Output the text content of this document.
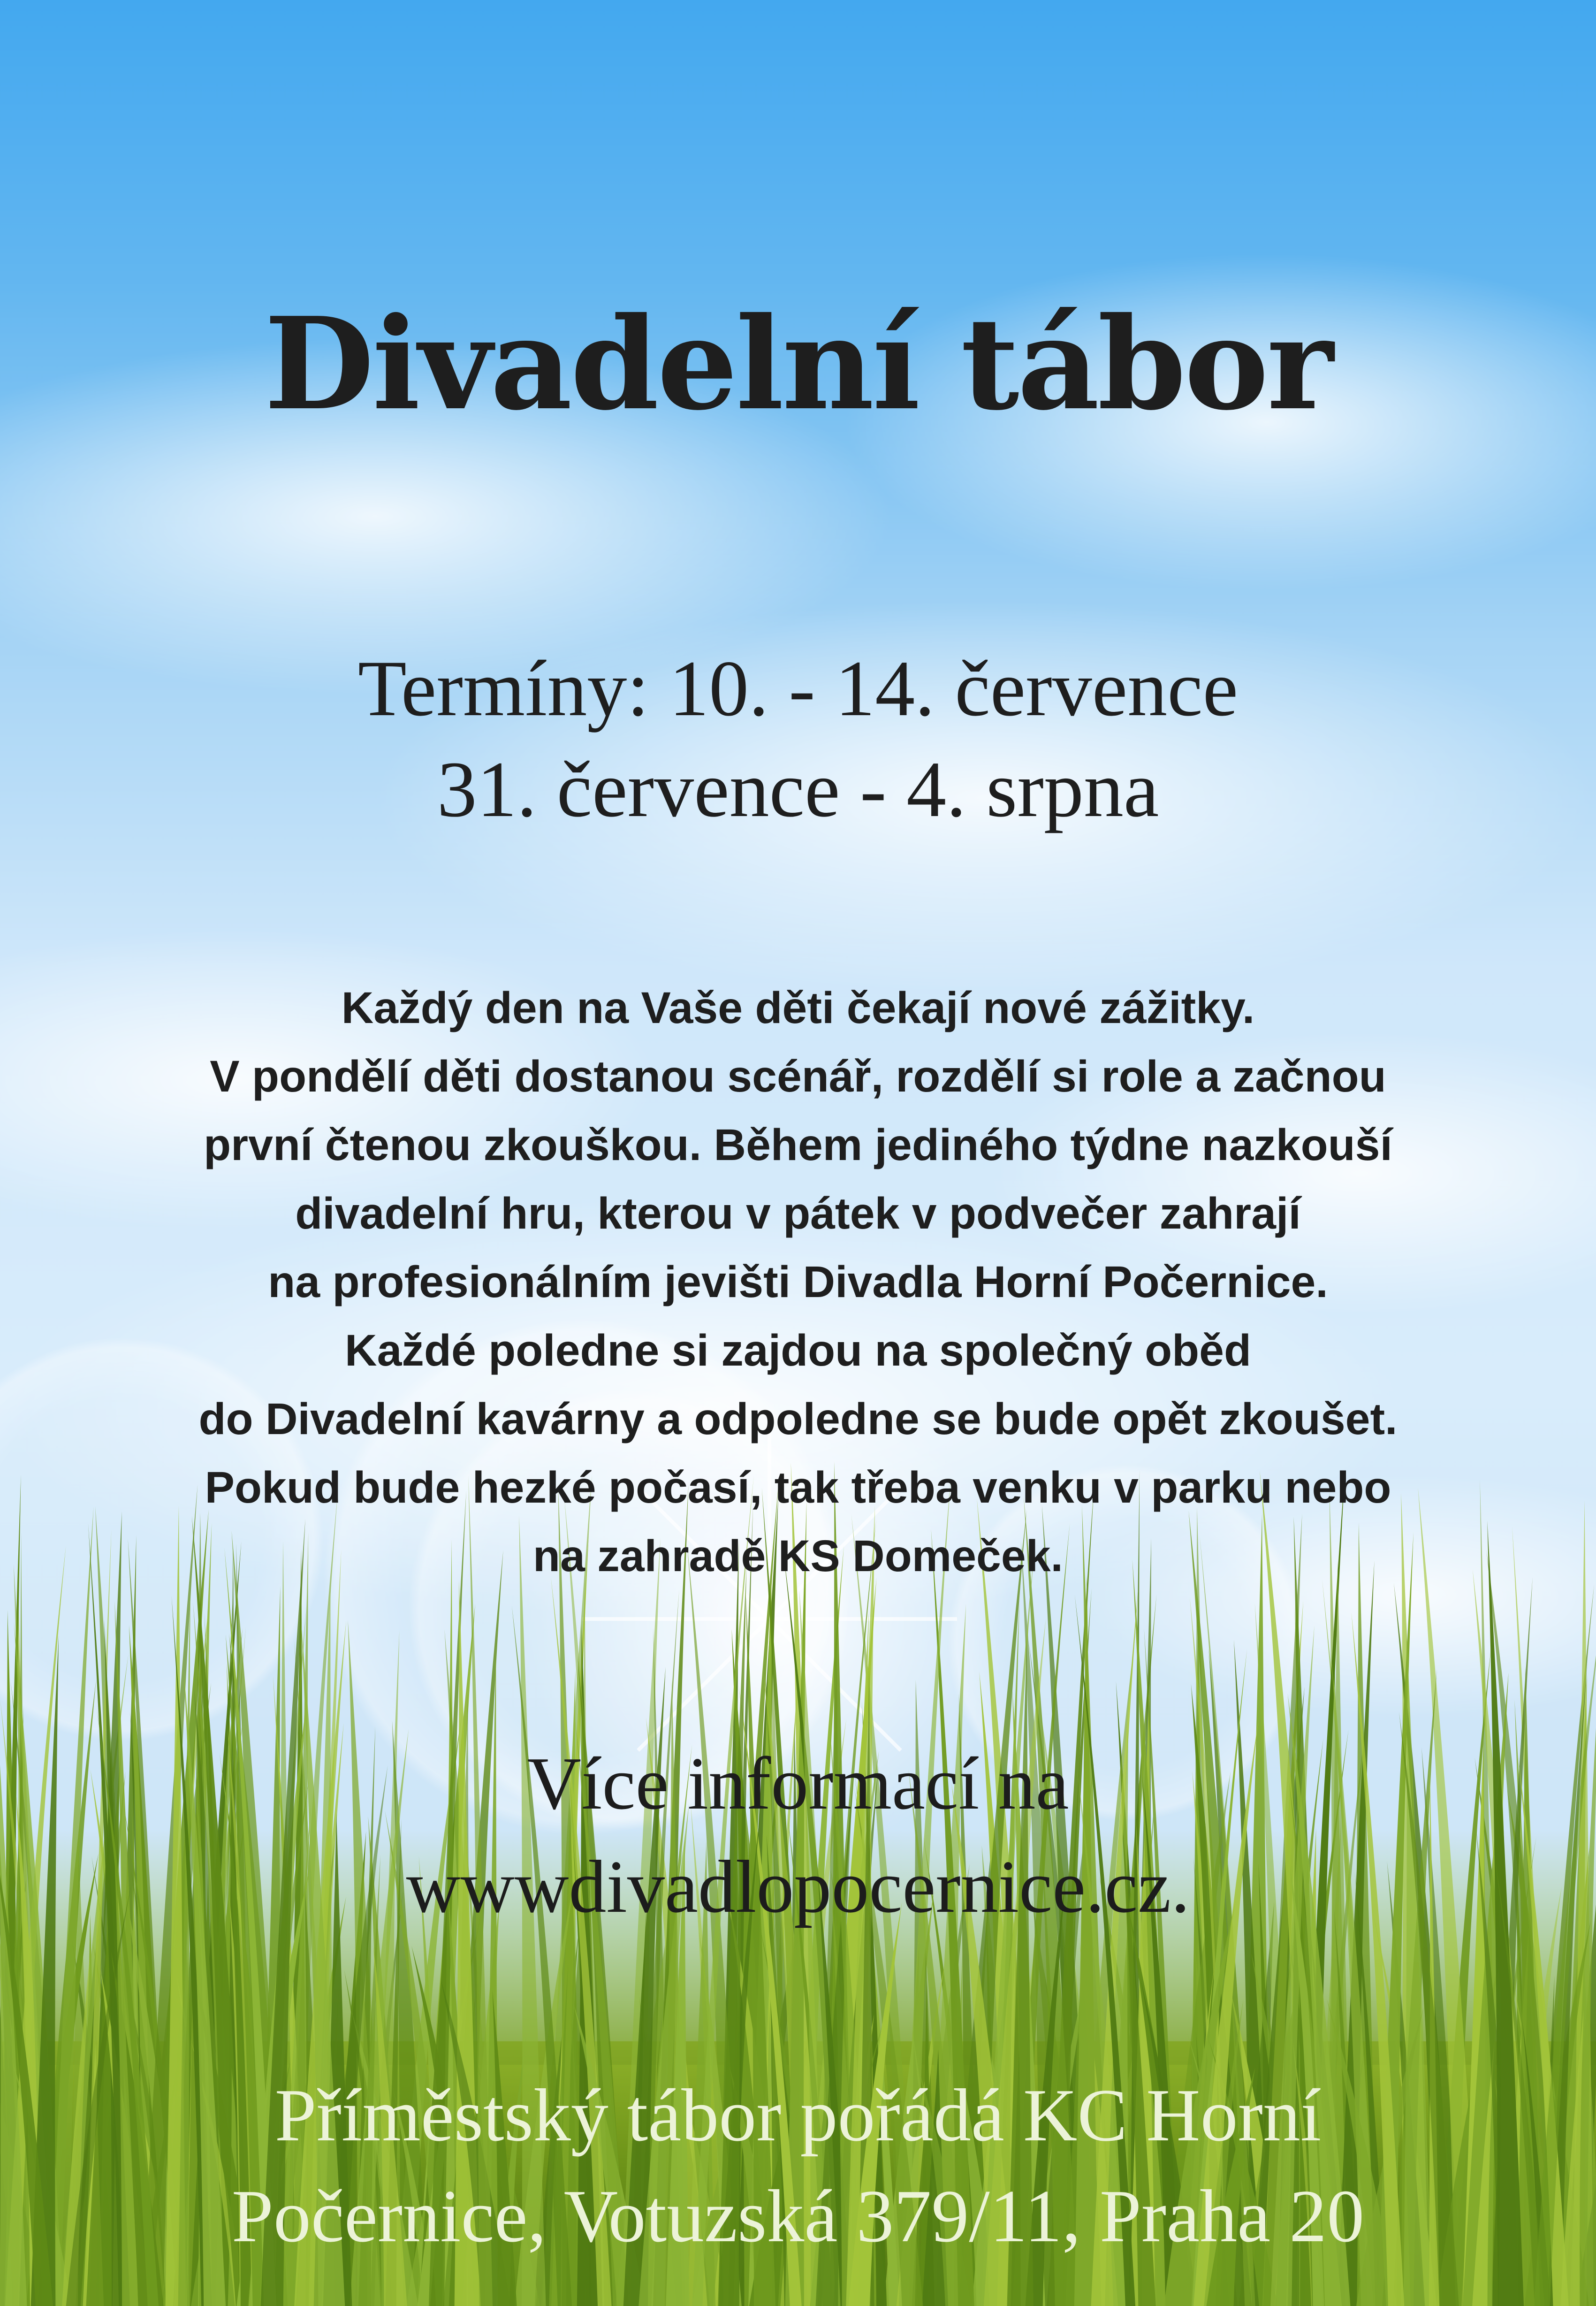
Divadelní tábor
Termíny: 10. - 14. července
31. července - 4. srpna
Každý den na Vaše děti čekají nové zážitky.
V pondělí děti dostanou scénář, rozdělí si role a začnou
první čtenou zkouškou. Během jediného týdne nazkouší
divadelní hru, kterou v pátek v podvečer zahrají
na profesionálním jevišti Divadla Horní Počernice.
Každé poledne si zajdou na společný oběd
do Divadelní kavárny a odpoledne se bude opět zkoušet.
Pokud bude hezké počasí, tak třeba venku v parku nebo
na zahradě KS Domeček.
Více informací na
wwwdivadlopocernice.cz.
Příměstský tábor pořádá KC Horní
Počernice, Votuzská 379/11, Praha 20
